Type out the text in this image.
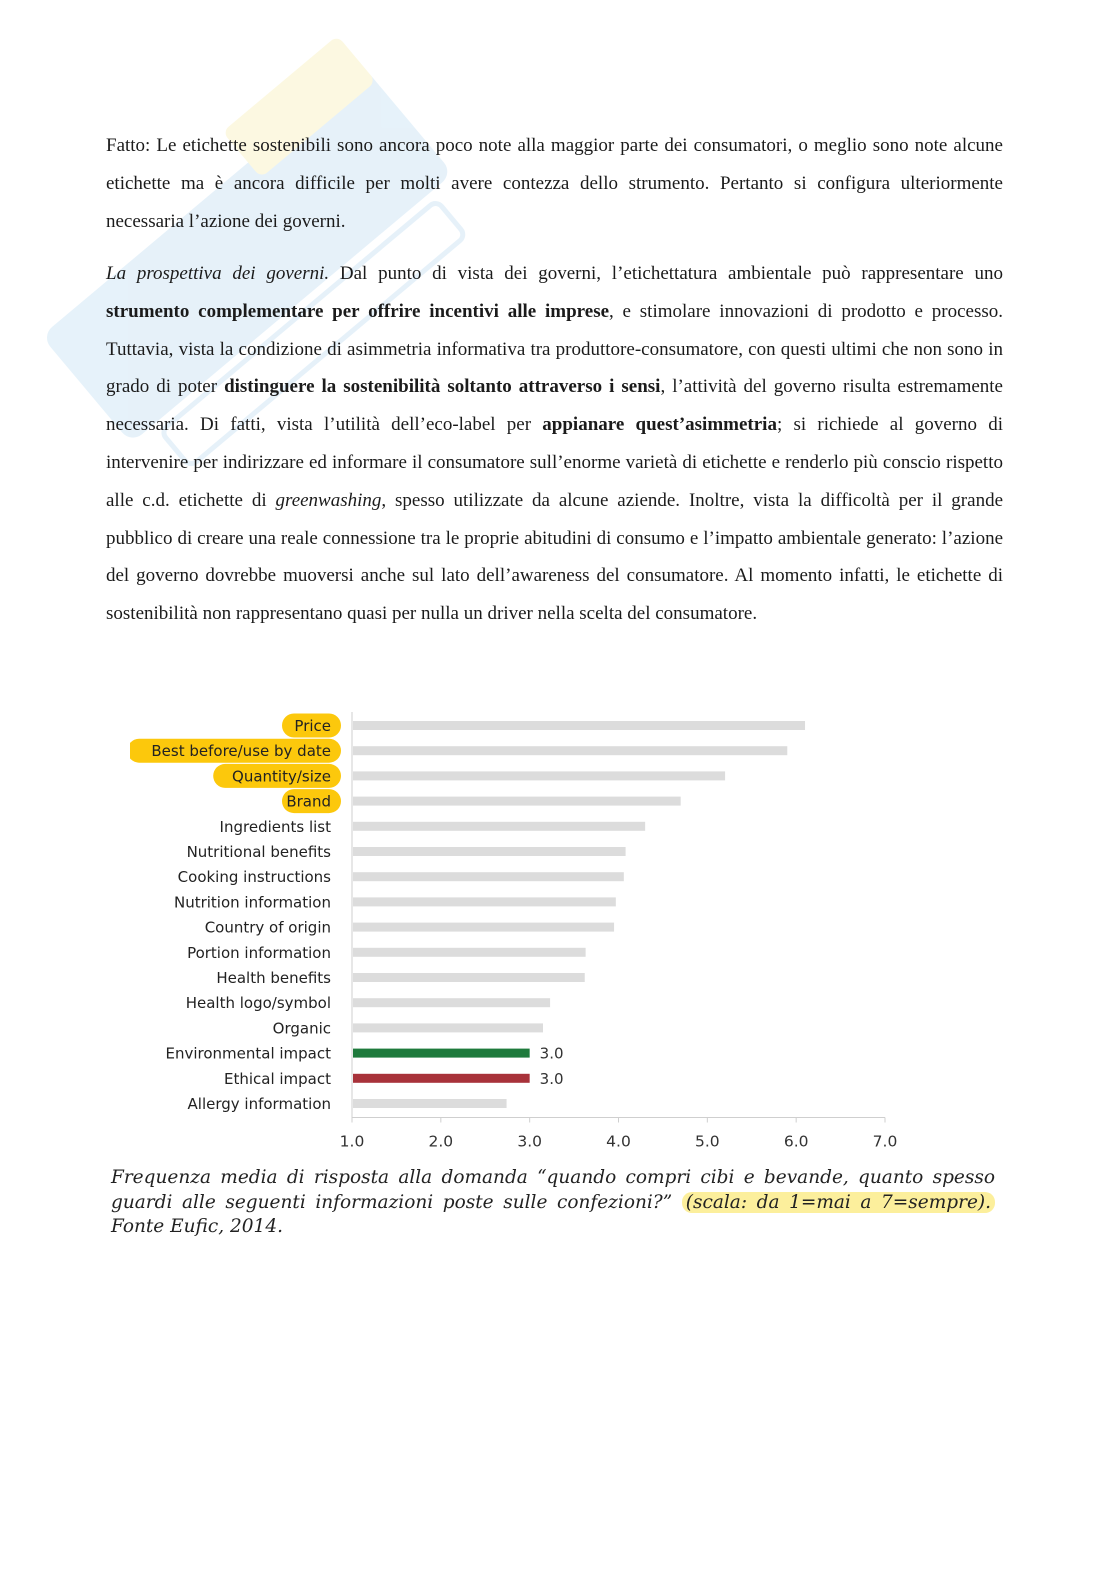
Fatto: Le etichette sostenibili sono ancora poco note alla maggior parte dei consumatori, o meglio sono note alcune etichette ma è ancora difficile per molti avere contezza dello strumento. Pertanto si configura ulteriormente necessaria l’azione dei governi.

La prospettiva dei governi. Dal punto di vista dei governi, l’etichettatura ambientale può rappresentare uno strumento complementare per offrire incentivi alle imprese, e stimolare innovazioni di prodotto e processo. Tuttavia, vista la condizione di asimmetria informativa tra produttore-consumatore, con questi ultimi che non sono in grado di poter distinguere la sostenibilità soltanto attraverso i sensi, l’attività del governo risulta estremamente necessaria. Di fatti, vista l’utilità dell’eco-label per appianare quest’asimmetria; si richiede al governo di intervenire per indirizzare ed informare il consumatore sull’enorme varietà di etichette e renderlo più conscio rispetto alle c.d. etichette di greenwashing, spesso utilizzate da alcune aziende. Inoltre, vista la difficoltà per il grande pubblico di creare una reale connessione tra le proprie abitudini di consumo e l’impatto ambientale generato: l’azione del governo dovrebbe muoversi anche sul lato dell’awareness del consumatore. Al momento infatti, le etichette di sostenibilità non rappresentano quasi per nulla un driver nella scelta del consumatore.

Price
Best before/use by date
Quantity/size
Brand
Ingredients list
Nutritional benefits
Cooking instructions
Nutrition information
Country of origin
Portion information
Health benefits
Health logo/symbol
Organic
Environmental impact	3.0
Ethical impact	3.0
Allergy information
1.0	2.0	3.0	4.0	5.0	6.0	7.0

Frequenza media di risposta alla domanda “quando compri cibi e bevande, quanto spesso guardi alle seguenti informazioni poste sulle confezioni?” (scala: da 1=mai a 7=sempre). Fonte Eufic, 2014.
